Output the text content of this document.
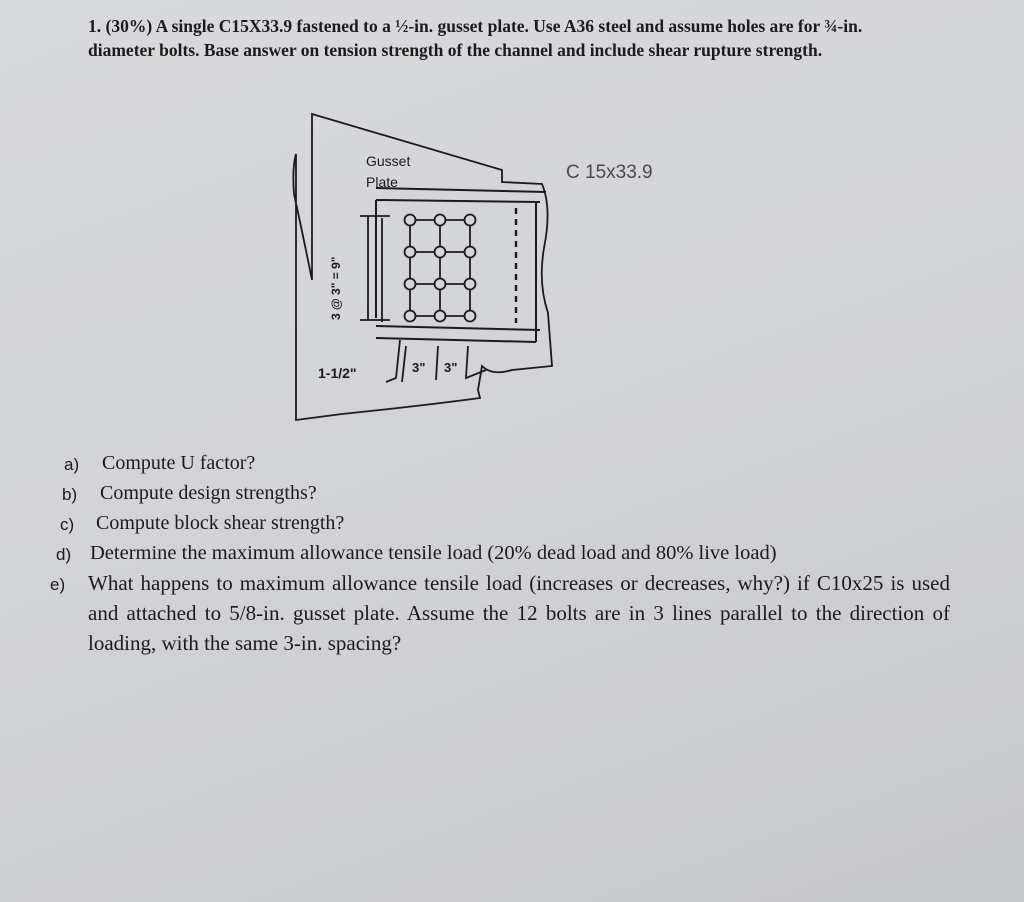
1. (30%) A single C15X33.9 fastened to a ½-in. gusset plate. Use A36 steel and assume holes are for ¾-in. diameter bolts. Base answer on tension strength of the channel and include shear rupture strength.

Gusset
Plate	C 15x33.9
3 @ 3" = 9"
1-1/2"	3" 3"
a)	Compute U factor?
b)	Compute design strengths?
c)	Compute block shear strength?
d) Determine the maximum allowance tensile load (20% dead load and 80% live load)
e)	What happens to maximum allowance tensile load (increases or decreases, why?) if C10x25 is used and attached to 5/8-in. gusset plate. Assume the 12 bolts are in 3 lines parallel to the direction of loading, with the same 3-in. spacing?
